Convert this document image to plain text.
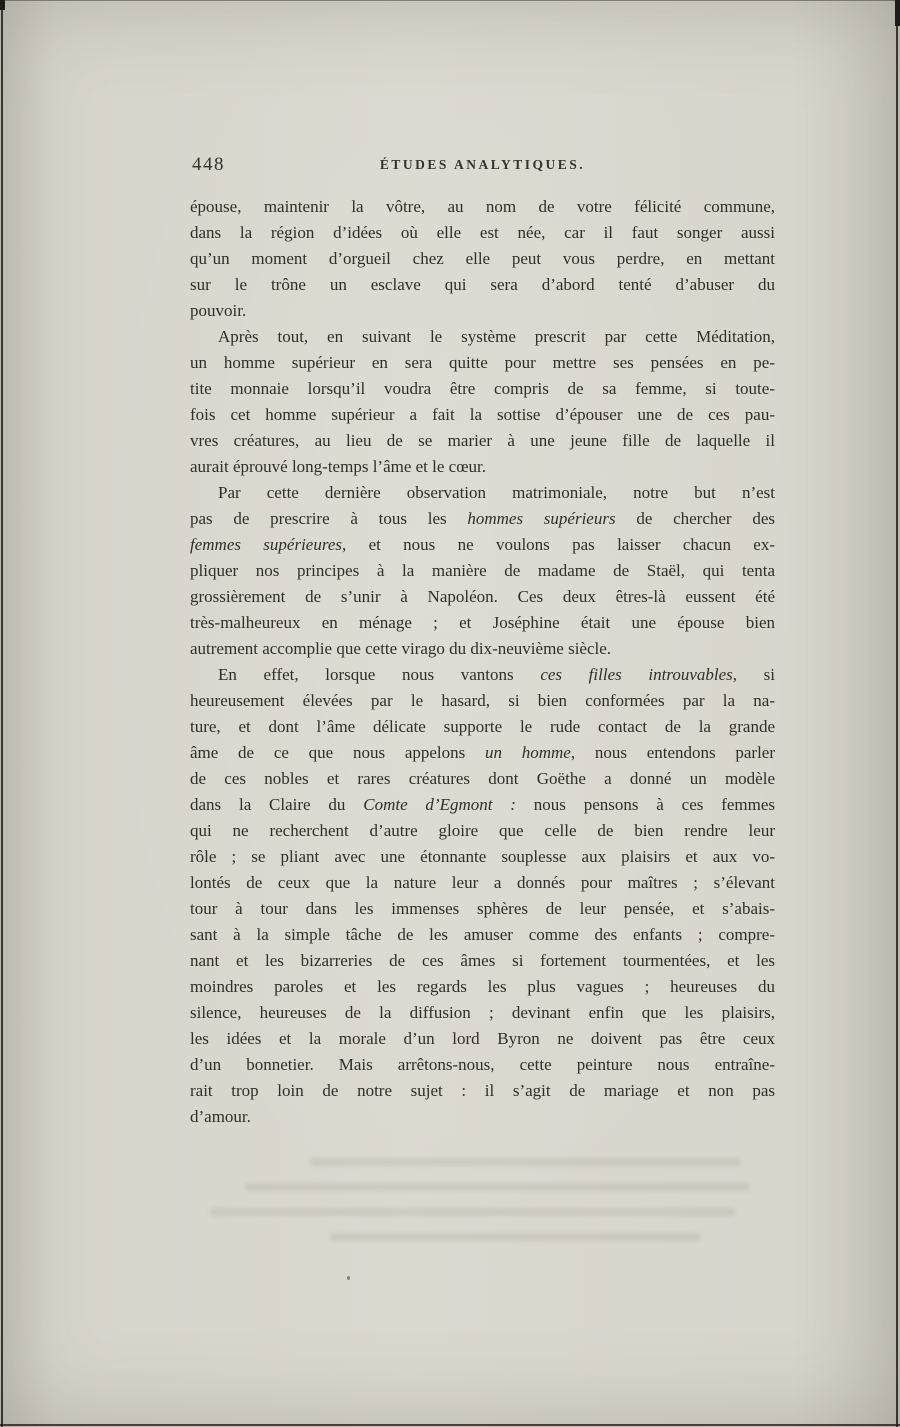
448	ÉTUDES ANALYTIQUES.
épouse, maintenir la vôtre, au nom de votre félicité commune,
dans la région d’idées où elle est née, car il faut songer aussi
qu’un moment d’orgueil chez elle peut vous perdre, en mettant
sur le trône un esclave qui sera d’abord tenté d’abuser du
pouvoir.
Après tout, en suivant le système prescrit par cette Méditation,
un homme supérieur en sera quitte pour mettre ses pensées en pe-
tite monnaie lorsqu’il voudra être compris de sa femme, si toute-
fois cet homme supérieur a fait la sottise d’épouser une de ces pau-
vres créatures, au lieu de se marier à une jeune fille de laquelle il
aurait éprouvé long-temps l’âme et le cœur.
Par cette dernière observation matrimoniale, notre but n’est
pas de prescrire à tous les hommes supérieurs de chercher des
femmes supérieures, et nous ne voulons pas laisser chacun ex-
pliquer nos principes à la manière de madame de Staël, qui tenta
grossièrement de s’unir à Napoléon. Ces deux êtres-là eussent été
très-malheureux en ménage ; et Joséphine était une épouse bien
autrement accomplie que cette virago du dix-neuvième siècle.
En effet, lorsque nous vantons ces filles introuvables, si
heureusement élevées par le hasard, si bien conformées par la na-
ture, et dont l’âme délicate supporte le rude contact de la grande
âme de ce que nous appelons un homme, nous entendons parler
de ces nobles et rares créatures dont Goëthe a donné un modèle
dans la Claire du Comte d’Egmont : nous pensons à ces femmes
qui ne recherchent d’autre gloire que celle de bien rendre leur
rôle ; se pliant avec une étonnante souplesse aux plaisirs et aux vo-
lontés de ceux que la nature leur a donnés pour maîtres ; s’élevant
tour à tour dans les immenses sphères de leur pensée, et s’abais-
sant à la simple tâche de les amuser comme des enfants ; compre-
nant et les bizarreries de ces âmes si fortement tourmentées, et les
moindres paroles et les regards les plus vagues ; heureuses du
silence, heureuses de la diffusion ; devinant enfin que les plaisirs,
les idées et la morale d’un lord Byron ne doivent pas être ceux
d’un bonnetier. Mais arrêtons-nous, cette peinture nous entraîne-
rait trop loin de notre sujet : il s’agit de mariage et non pas
d’amour.
